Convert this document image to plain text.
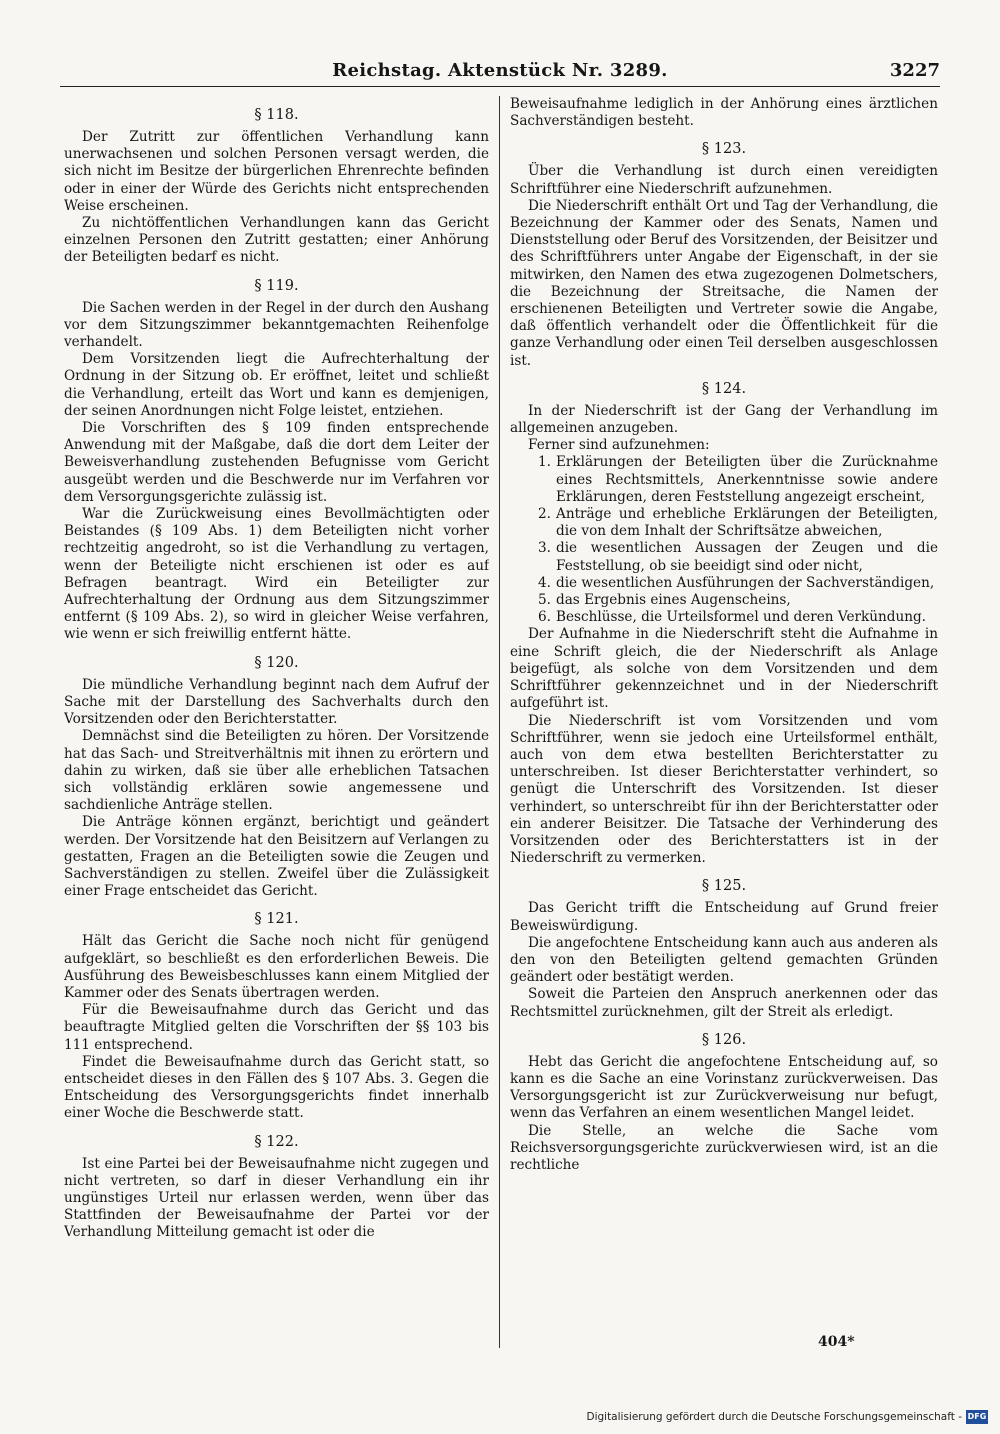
Reichstag. Aktenstück Nr. 3289.	3227
§ 118.

Der Zutritt zur öffentlichen Verhandlung kann unerwachsenen und solchen Personen versagt werden, die sich nicht im Besitze der bürgerlichen Ehrenrechte befinden oder in einer der Würde des Gerichts nicht entsprechenden Weise erscheinen.

Zu nichtöffentlichen Verhandlungen kann das Gericht einzelnen Personen den Zutritt gestatten; einer Anhörung der Beteiligten bedarf es nicht.

§ 119.

Die Sachen werden in der Regel in der durch den Aushang vor dem Sitzungszimmer bekanntgemachten Reihenfolge verhandelt.

Dem Vorsitzenden liegt die Aufrechterhaltung der Ordnung in der Sitzung ob. Er eröffnet, leitet und schließt die Verhandlung, erteilt das Wort und kann es demjenigen, der seinen Anordnungen nicht Folge leistet, entziehen.

Die Vorschriften des § 109 finden entsprechende Anwendung mit der Maßgabe, daß die dort dem Leiter der Beweisverhandlung zustehenden Befugnisse vom Gericht ausgeübt werden und die Beschwerde nur im Verfahren vor dem Versorgungsgerichte zulässig ist.

War die Zurückweisung eines Bevollmächtigten oder Beistandes (§ 109 Abs. 1) dem Beteiligten nicht vorher rechtzeitig angedroht, so ist die Verhandlung zu vertagen, wenn der Beteiligte nicht erschienen ist oder es auf Befragen beantragt. Wird ein Beteiligter zur Aufrechterhaltung der Ordnung aus dem Sitzungszimmer entfernt (§ 109 Abs. 2), so wird in gleicher Weise verfahren, wie wenn er sich freiwillig entfernt hätte.

§ 120.

Die mündliche Verhandlung beginnt nach dem Aufruf der Sache mit der Darstellung des Sachverhalts durch den Vorsitzenden oder den Berichterstatter.

Demnächst sind die Beteiligten zu hören. Der Vorsitzende hat das Sach- und Streitverhältnis mit ihnen zu erörtern und dahin zu wirken, daß sie über alle erheblichen Tatsachen sich vollständig erklären sowie angemessene und sachdienliche Anträge stellen.

Die Anträge können ergänzt, berichtigt und geändert werden. Der Vorsitzende hat den Beisitzern auf Verlangen zu gestatten, Fragen an die Beteiligten sowie die Zeugen und Sachverständigen zu stellen. Zweifel über die Zulässigkeit einer Frage entscheidet das Gericht.

§ 121.

Hält das Gericht die Sache noch nicht für genügend aufgeklärt, so beschließt es den erforderlichen Beweis. Die Ausführung des Beweisbeschlusses kann einem Mitglied der Kammer oder des Senats übertragen werden.

Für die Beweisaufnahme durch das Gericht und das beauftragte Mitglied gelten die Vorschriften der §§ 103 bis 111 entsprechend.

Findet die Beweisaufnahme durch das Gericht statt, so entscheidet dieses in den Fällen des § 107 Abs. 3. Gegen die Entscheidung des Versorgungsgerichts findet innerhalb einer Woche die Beschwerde statt.

§ 122.

Ist eine Partei bei der Beweisaufnahme nicht zugegen und nicht vertreten, so darf in dieser Verhandlung ein ihr ungünstiges Urteil nur erlassen werden, wenn über das Stattfinden der Beweisaufnahme der Partei vor der Verhandlung Mitteilung gemacht ist oder die

Beweisaufnahme lediglich in der Anhörung eines ärztlichen Sachverständigen besteht.

§ 123.

Über die Verhandlung ist durch einen vereidigten Schriftführer eine Niederschrift aufzunehmen.

Die Niederschrift enthält Ort und Tag der Verhandlung, die Bezeichnung der Kammer oder des Senats, Namen und Dienststellung oder Beruf des Vorsitzenden, der Beisitzer und des Schriftführers unter Angabe der Eigenschaft, in der sie mitwirken, den Namen des etwa zugezogenen Dolmetschers, die Bezeichnung der Streitsache, die Namen der erschienenen Beteiligten und Vertreter sowie die Angabe, daß öffentlich verhandelt oder die Öffentlichkeit für die ganze Verhandlung oder einen Teil derselben ausgeschlossen ist.

§ 124.

In der Niederschrift ist der Gang der Verhandlung im allgemeinen anzugeben.

Ferner sind aufzunehmen:

1. Erklärungen der Beteiligten über die Zurücknahme eines Rechtsmittels, Anerkenntnisse sowie andere Erklärungen, deren Feststellung angezeigt erscheint,
2. Anträge und erhebliche Erklärungen der Beteiligten, die von dem Inhalt der Schriftsätze abweichen,
3. die wesentlichen Aussagen der Zeugen und die Feststellung, ob sie beeidigt sind oder nicht,
4. die wesentlichen Ausführungen der Sachverständigen,
5. das Ergebnis eines Augenscheins,
6. Beschlüsse, die Urteilsformel und deren Verkündung.

Der Aufnahme in die Niederschrift steht die Aufnahme in eine Schrift gleich, die der Niederschrift als Anlage beigefügt, als solche von dem Vorsitzenden und dem Schriftführer gekennzeichnet und in der Niederschrift aufgeführt ist.

Die Niederschrift ist vom Vorsitzenden und vom Schriftführer, wenn sie jedoch eine Urteilsformel enthält, auch von dem etwa bestellten Berichterstatter zu unterschreiben. Ist dieser Berichterstatter verhindert, so genügt die Unterschrift des Vorsitzenden. Ist dieser verhindert, so unterschreibt für ihn der Berichterstatter oder ein anderer Beisitzer. Die Tatsache der Verhinderung des Vorsitzenden oder des Berichterstatters ist in der Niederschrift zu vermerken.

§ 125.

Das Gericht trifft die Entscheidung auf Grund freier Beweiswürdigung.

Die angefochtene Entscheidung kann auch aus anderen als den von den Beteiligten geltend gemachten Gründen geändert oder bestätigt werden.

Soweit die Parteien den Anspruch anerkennen oder das Rechtsmittel zurücknehmen, gilt der Streit als erledigt.

§ 126.

Hebt das Gericht die angefochtene Entscheidung auf, so kann es die Sache an eine Vorinstanz zurückverweisen. Das Versorgungsgericht ist zur Zurückverweisung nur befugt, wenn das Verfahren an einem wesentlichen Mangel leidet.

Die Stelle, an welche die Sache vom Reichsversorgungsgerichte zurückverwiesen wird, ist an die rechtliche

404*
Digitalisierung gefördert durch die Deutsche Forschungsgemeinschaft - DFG
